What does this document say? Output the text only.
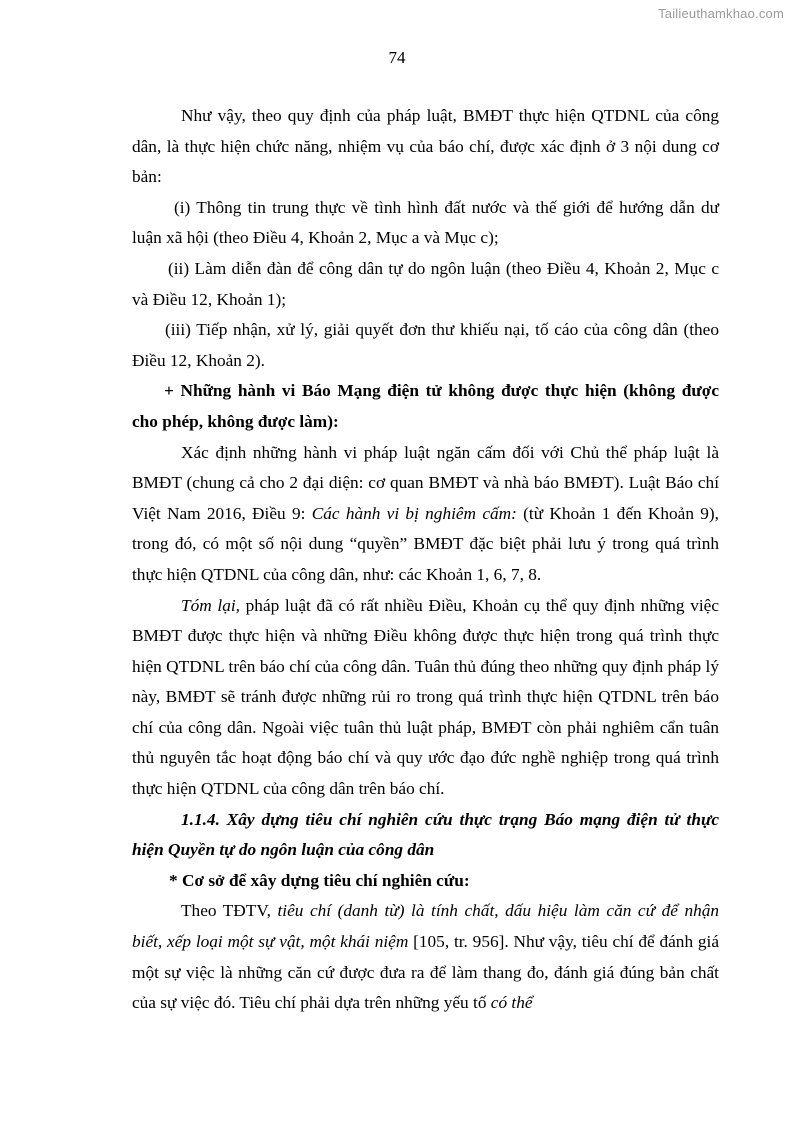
Tailieuthamkhao.com
74

Như vậy, theo quy định của pháp luật, BMĐT thực hiện QTDNL của công dân, là thực hiện chức năng, nhiệm vụ của báo chí, được xác định ở 3 nội dung cơ bản:

(i) Thông tin trung thực về tình hình đất nước và thế giới để hướng dẫn dư luận xã hội (theo Điều 4, Khoản 2, Mục a và Mục c);

(ii) Làm diễn đàn để công dân tự do ngôn luận (theo Điều 4, Khoản 2, Mục c và Điều 12, Khoản 1);

(iii) Tiếp nhận, xử lý, giải quyết đơn thư khiếu nại, tố cáo của công dân (theo Điều 12, Khoản 2).

+ Những hành vi Báo Mạng điện tử không được thực hiện (không được cho phép, không được làm):

Xác định những hành vi pháp luật ngăn cấm đối với Chủ thể pháp luật là BMĐT (chung cả cho 2 đại diện: cơ quan BMĐT và nhà báo BMĐT). Luật Báo chí Việt Nam 2016, Điều 9: Các hành vi bị nghiêm cấm: (từ Khoản 1 đến Khoản 9), trong đó, có một số nội dung “quyền” BMĐT đặc biệt phải lưu ý trong quá trình thực hiện QTDNL của công dân, như: các Khoản 1, 6, 7, 8.

Tóm lại, pháp luật đã có rất nhiều Điều, Khoản cụ thể quy định những việc BMĐT được thực hiện và những Điều không được thực hiện trong quá trình thực hiện QTDNL trên báo chí của công dân. Tuân thủ đúng theo những quy định pháp lý này, BMĐT sẽ tránh được những rủi ro trong quá trình thực hiện QTDNL trên báo chí của công dân. Ngoài việc tuân thủ luật pháp, BMĐT còn phải nghiêm cẩn tuân thủ nguyên tắc hoạt động báo chí và quy ước đạo đức nghề nghiệp trong quá trình thực hiện QTDNL của công dân trên báo chí.

1.1.4. Xây dựng tiêu chí nghiên cứu thực trạng Báo mạng điện tử thực hiện Quyền tự do ngôn luận của công dân

* Cơ sở để xây dựng tiêu chí nghiên cứu:

Theo TĐTV, tiêu chí (danh từ) là tính chất, dấu hiệu làm căn cứ để nhận biết, xếp loại một sự vật, một khái niệm [105, tr. 956]. Như vậy, tiêu chí để đánh giá một sự việc là những căn cứ được đưa ra để làm thang đo, đánh giá đúng bản chất của sự việc đó. Tiêu chí phải dựa trên những yếu tố có thể
